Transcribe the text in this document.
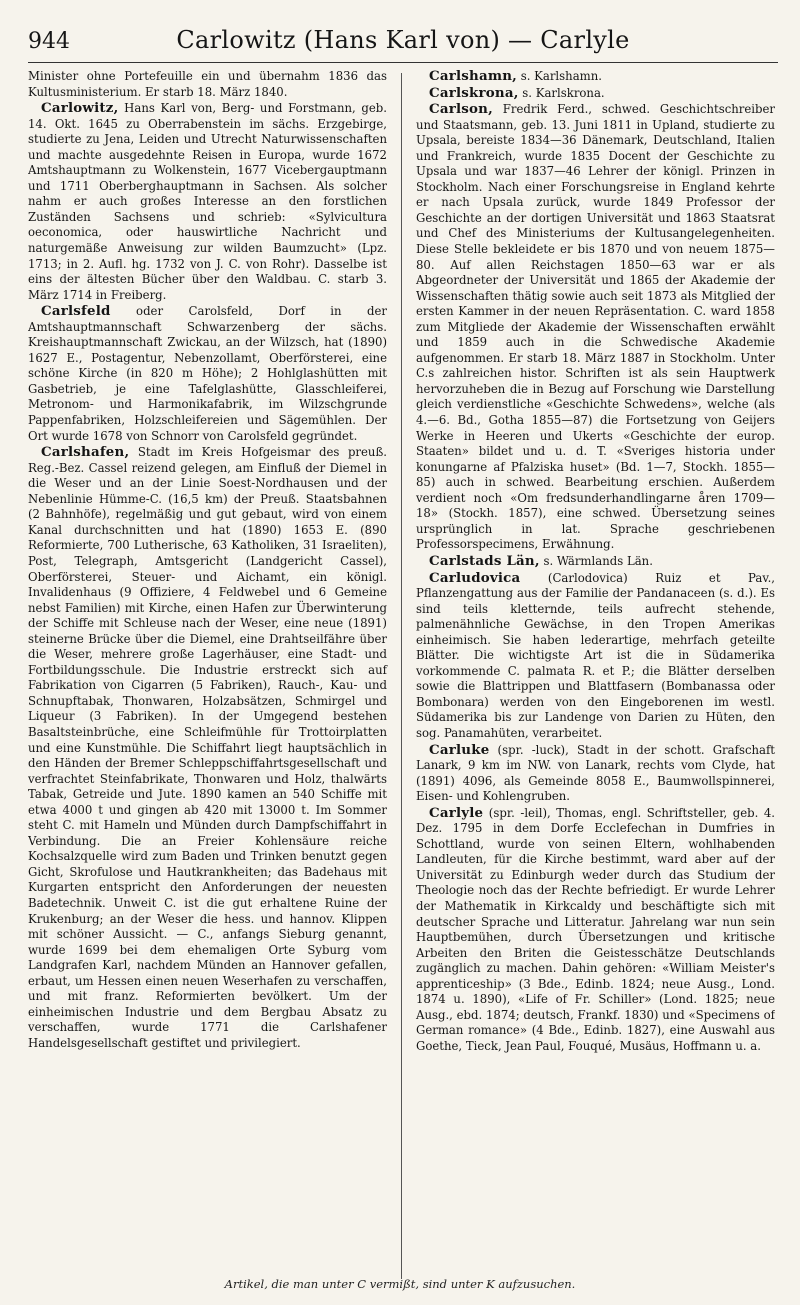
944	Carlowitz (Hans Karl von) — Carlyle

Minister ohne Portefeuille ein und übernahm 1836 das Kultusministerium. Er starb 18. März 1840.

Carlowitz, Hans Karl von, Berg- und Forstmann, geb. 14. Okt. 1645 zu Oberrabenstein im sächs. Erzgebirge, studierte zu Jena, Leiden und Utrecht Naturwissenschaften und machte ausgedehnte Reisen in Europa, wurde 1672 Amtshauptmann zu Wolkenstein, 1677 Vicebergauptmann und 1711 Oberberghauptmann in Sachsen. Als solcher nahm er auch großes Interesse an den forstlichen Zuständen Sachsens und schrieb: «Sylvicultura oeconomica, oder hauswirtliche Nachricht und naturgemäße Anweisung zur wilden Baumzucht» (Lpz. 1713; in 2. Aufl. hg. 1732 von J. C. von Rohr). Dasselbe ist eins der ältesten Bücher über den Waldbau. C. starb 3. März 1714 in Freiberg.

Carlsfeld oder Carolsfeld, Dorf in der Amtshauptmannschaft Schwarzenberg der sächs. Kreishauptmannschaft Zwickau, an der Wilzsch, hat (1890) 1627 E., Postagentur, Nebenzollamt, Oberförsterei, eine schöne Kirche (in 820 m Höhe); 2 Hohlglashütten mit Gasbetrieb, je eine Tafelglashütte, Glasschleiferei, Metronom- und Harmonikafabrik, im Wilzschgrunde Pappenfabriken, Holzschleifereien und Sägemühlen. Der Ort wurde 1678 von Schnorr von Carolsfeld gegründet.

Carlshafen, Stadt im Kreis Hofgeismar des preuß. Reg.-Bez. Cassel reizend gelegen, am Einfluß der Diemel in die Weser und an der Linie Soest-Nordhausen und der Nebenlinie Hümme-C. (16,5 km) der Preuß. Staatsbahnen (2 Bahnhöfe), regelmäßig und gut gebaut, wird von einem Kanal durchschnitten und hat (1890) 1653 E. (890 Reformierte, 700 Lutherische, 63 Katholiken, 31 Israeliten), Post, Telegraph, Amtsgericht (Landgericht Cassel), Oberförsterei, Steuer- und Aichamt, ein königl. Invalidenhaus (9 Offiziere, 4 Feldwebel und 6 Gemeine nebst Familien) mit Kirche, einen Hafen zur Überwinterung der Schiffe mit Schleuse nach der Weser, eine neue (1891) steinerne Brücke über die Diemel, eine Drahtseilfähre über die Weser, mehrere große Lagerhäuser, eine Stadt- und Fortbildungsschule. Die Industrie erstreckt sich auf Fabrikation von Cigarren (5 Fabriken), Rauch-, Kau- und Schnupftabak, Thonwaren, Holzabsätzen, Schmirgel und Liqueur (3 Fabriken). In der Umgegend bestehen Basaltsteinbrüche, eine Schleifmühle für Trottoirplatten und eine Kunstmühle. Die Schiffahrt liegt hauptsächlich in den Händen der Bremer Schleppschiffahrtsgesellschaft und verfrachtet Steinfabrikate, Thonwaren und Holz, thalwärts Tabak, Getreide und Jute. 1890 kamen an 540 Schiffe mit etwa 4000 t und gingen ab 420 mit 13000 t. Im Sommer steht C. mit Hameln und Münden durch Dampfschiffahrt in Verbindung. Die an Freier Kohlensäure reiche Kochsalzquelle wird zum Baden und Trinken benutzt gegen Gicht, Skrofulose und Hautkrankheiten; das Badehaus mit Kurgarten entspricht den Anforderungen der neuesten Badetechnik. Unweit C. ist die gut erhaltene Ruine der Krukenburg; an der Weser die hess. und hannov. Klippen mit schöner Aussicht. — C., anfangs Sieburg genannt, wurde 1699 bei dem ehemaligen Orte Syburg vom Landgrafen Karl, nachdem Münden an Hannover gefallen, erbaut, um Hessen einen neuen Weserhafen zu verschaffen, und mit franz. Reformierten bevölkert. Um der einheimischen Industrie und dem Bergbau Absatz zu verschaffen, wurde 1771 die Carlshafener Handelsgesellschaft gestiftet und privilegiert.

Carlshamn, s. Karlshamn.

Carlskrona, s. Karlskrona.

Carlson, Fredrik Ferd., schwed. Geschichtschreiber und Staatsmann, geb. 13. Juni 1811 in Upland, studierte zu Upsala, bereiste 1834—36 Dänemark, Deutschland, Italien und Frankreich, wurde 1835 Docent der Geschichte zu Upsala und war 1837—46 Lehrer der königl. Prinzen in Stockholm. Nach einer Forschungsreise in England kehrte er nach Upsala zurück, wurde 1849 Professor der Geschichte an der dortigen Universität und 1863 Staatsrat und Chef des Ministeriums der Kultusangelegenheiten. Diese Stelle bekleidete er bis 1870 und von neuem 1875—80. Auf allen Reichstagen 1850—63 war er als Abgeordneter der Universität und 1865 der Akademie der Wissenschaften thätig sowie auch seit 1873 als Mitglied der ersten Kammer in der neuen Repräsentation. C. ward 1858 zum Mitgliede der Akademie der Wissenschaften erwählt und 1859 auch in die Schwedische Akademie aufgenommen. Er starb 18. März 1887 in Stockholm. Unter C.s zahlreichen histor. Schriften ist als sein Hauptwerk hervorzuheben die in Bezug auf Forschung wie Darstellung gleich verdienstliche «Geschichte Schwedens», welche (als 4.—6. Bd., Gotha 1855—87) die Fortsetzung von Geijers Werke in Heeren und Ukerts «Geschichte der europ. Staaten» bildet und u. d. T. «Sveriges historia under konungarne af Pfalziska huset» (Bd. 1—7, Stockh. 1855—85) auch in schwed. Bearbeitung erschien. Außerdem verdient noch «Om fredsunderhandlingarne åren 1709—18» (Stockh. 1857), eine schwed. Übersetzung seines ursprünglich in lat. Sprache geschriebenen Professorspecimens, Erwähnung.

Carlstads Län, s. Wärmlands Län.

Carludovica (Carlodovica) Ruiz et Pav., Pflanzengattung aus der Familie der Pandanaceen (s. d.). Es sind teils kletternde, teils aufrecht stehende, palmenähnliche Gewächse, in den Tropen Amerikas einheimisch. Sie haben lederartige, mehrfach geteilte Blätter. Die wichtigste Art ist die in Südamerika vorkommende C. palmata R. et P.; die Blätter derselben sowie die Blattrippen und Blattfasern (Bombanassa oder Bombonara) werden von den Eingeborenen im westl. Südamerika bis zur Landenge von Darien zu Hüten, den sog. Panamahüten, verarbeitet.

Carluke (spr. -luck), Stadt in der schott. Grafschaft Lanark, 9 km im NW. von Lanark, rechts vom Clyde, hat (1891) 4096, als Gemeinde 8058 E., Baumwollspinnerei, Eisen- und Kohlengruben.

Carlyle (spr. -leil), Thomas, engl. Schriftsteller, geb. 4. Dez. 1795 in dem Dorfe Ecclefechan in Dumfries in Schottland, wurde von seinen Eltern, wohlhabenden Landleuten, für die Kirche bestimmt, ward aber auf der Universität zu Edinburgh weder durch das Studium der Theologie noch das der Rechte befriedigt. Er wurde Lehrer der Mathematik in Kirkcaldy und beschäftigte sich mit deutscher Sprache und Litteratur. Jahrelang war nun sein Hauptbemühen, durch Übersetzungen und kritische Arbeiten den Briten die Geistesschätze Deutschlands zugänglich zu machen. Dahin gehören: «William Meister's apprenticeship» (3 Bde., Edinb. 1824; neue Ausg., Lond. 1874 u. 1890), «Life of Fr. Schiller» (Lond. 1825; neue Ausg., ebd. 1874; deutsch, Frankf. 1830) und «Specimens of German romance» (4 Bde., Edinb. 1827), eine Auswahl aus Goethe, Tieck, Jean Paul, Fouqué, Musäus, Hoffmann u. a.

Artikel, die man unter C vermißt, sind unter K aufzusuchen.
